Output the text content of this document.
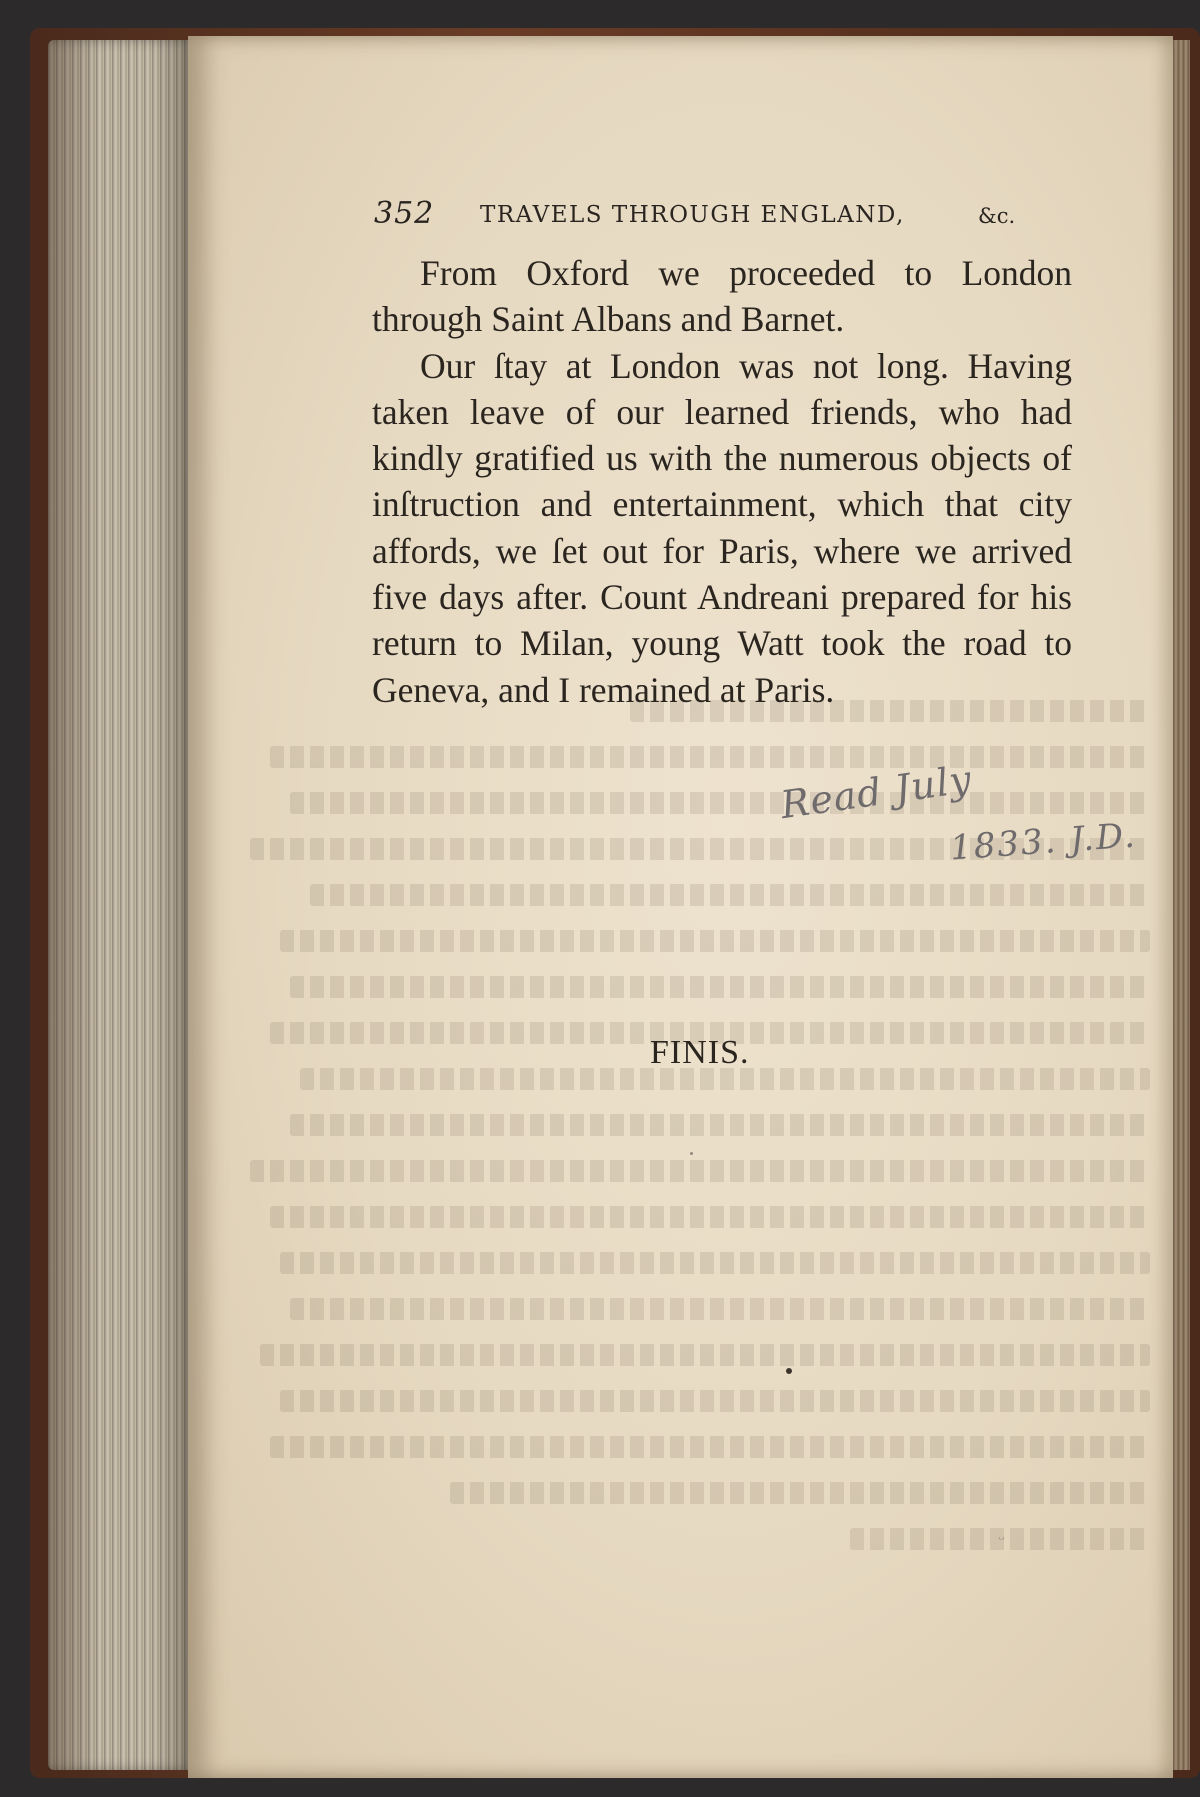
352 TRAVELS THROUGH ENGLAND,	&c.

From Oxford we proceeded to London through Saint Albans and Barnet.

Our ſtay at London was not long. Having taken leave of our learned friends, who had kindly gratified us with the numerous objects of inſtruction and entertainment, which that city affords, we ſet out for Paris, where we arrived five days after. Count Andreani prepared for his return to Milan, young Watt took the road to Geneva, and I remained at Paris.

Read July
1833. J.D.
FINIS.
ᵕ
